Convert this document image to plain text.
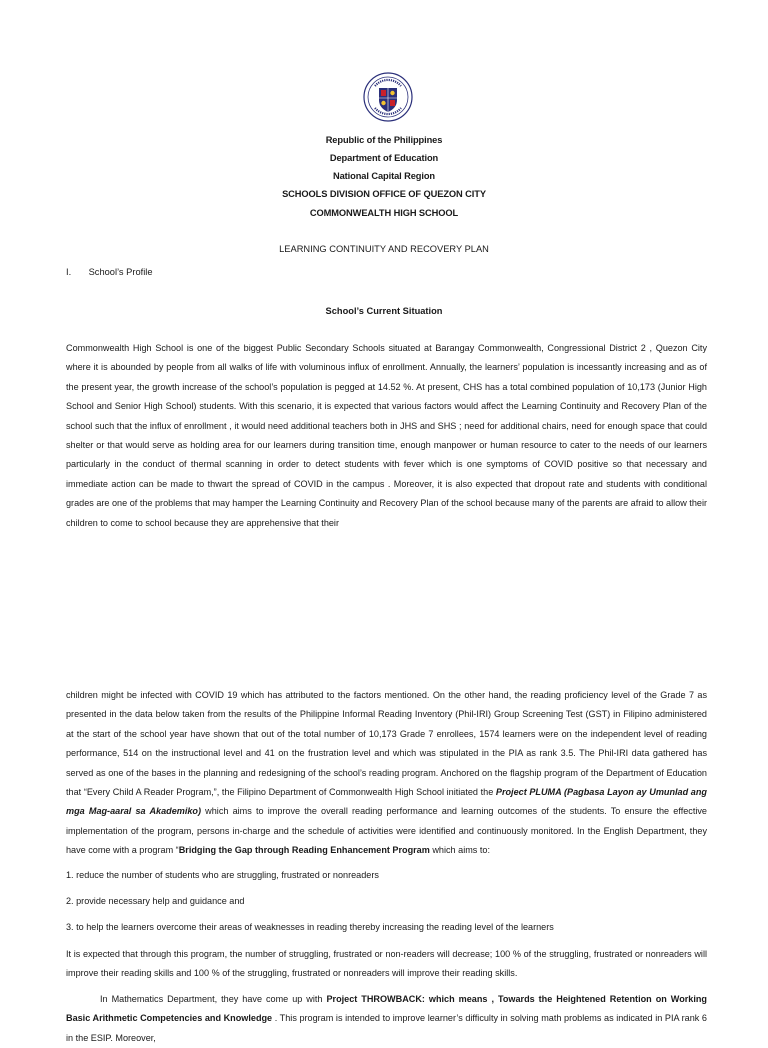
Republic of the Philippines
Department of Education
National Capital Region
SCHOOLS DIVISION OFFICE OF QUEZON CITY
COMMONWEALTH HIGH SCHOOL
LEARNING CONTINUITY AND RECOVERY PLAN
I. School’s Profile
School’s Current Situation

Commonwealth High School is one of the biggest Public Secondary Schools situated at Barangay Commonwealth, Congressional District 2 , Quezon City where it is abounded by people from all walks of life with voluminous influx of enrollment. Annually, the learners’ population is incessantly increasing and as of the present year, the growth increase of the school’s population is pegged at 14.52 %. At present, CHS has a total combined population of 10,173 (Junior High School and Senior High School) students. With this scenario, it is expected that various factors would affect the Learning Continuity and Recovery Plan of the school such that the influx of enrollment , it would need additional teachers both in JHS and SHS ; need for additional chairs, need for enough space that could shelter or that would serve as holding area for our learners during transition time, enough manpower or human resource to cater to the needs of our learners particularly in the conduct of thermal scanning in order to detect students with fever which is one symptoms of COVID positive so that necessary and immediate action can be made to thwart the spread of COVID in the campus . Moreover, it is also expected that dropout rate and students with conditional grades are one of the problems that may hamper the Learning Continuity and Recovery Plan of the school because many of the parents are afraid to allow their children to come to school because they are apprehensive that their

children might be infected with COVID 19 which has attributed to the factors mentioned. On the other hand, the reading proficiency level of the Grade 7 as presented in the data below taken from the results of the Philippine Informal Reading Inventory (Phil-IRI) Group Screening Test (GST) in Filipino administered at the start of the school year have shown that out of the total number of 10,173 Grade 7 enrollees, 1574 learners were on the independent level of reading performance, 514 on the instructional level and 41 on the frustration level and which was stipulated in the PIA as rank 3.5. The Phil-IRI data gathered has served as one of the bases in the planning and redesigning of the school’s reading program. Anchored on the flagship program of the Department of Education that “Every Child A Reader Program,”, the Filipino Department of Commonwealth High School initiated the Project PLUMA (Pagbasa Layon ay Umunlad ang mga Mag-aaral sa Akademiko) which aims to improve the overall reading performance and learning outcomes of the students. To ensure the effective implementation of the program, persons in-charge and the schedule of activities were identified and continuously monitored. In the English Department, they have come with a program “Bridging the Gap through Reading Enhancement Program which aims to:

1. reduce the number of students who are struggling, frustrated or nonreaders
2. provide necessary help and guidance and
3. to help the learners overcome their areas of weaknesses in reading thereby increasing the reading level of the learners

It is expected that through this program, the number of struggling, frustrated or non-readers will decrease; 100 % of the struggling, frustrated or nonreaders will improve their reading skills and 100 % of the struggling, frustrated or nonreaders will improve their reading skills.

In Mathematics Department, they have come up with Project THROWBACK: which means , Towards the Heightened Retention on Working Basic Arithmetic Competencies and Knowledge . This program is intended to improve learner’s difficulty in solving math problems as indicated in PIA rank 6 in the ESIP. Moreover,
